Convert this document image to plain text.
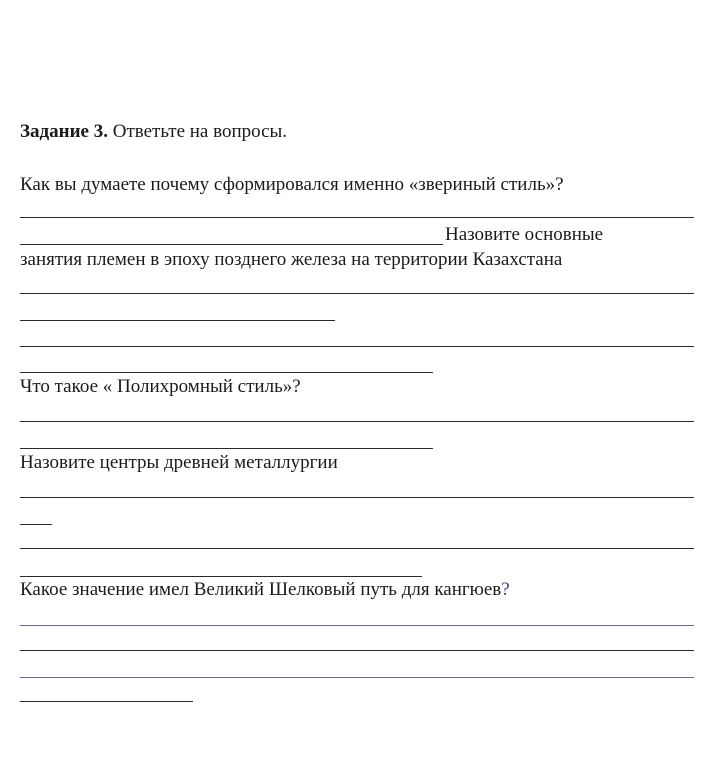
Задание 3. Ответьте на вопросы.
Как вы думаете почему сформировался именно «звериный стиль»?
Назовите основные
занятия племен в эпоху позднего железа на территории Казахстана
Что такое « Полихромный стиль»?
Назовите центры древней металлургии
Какое значение имел Великий Шелковый путь для кангюев?
